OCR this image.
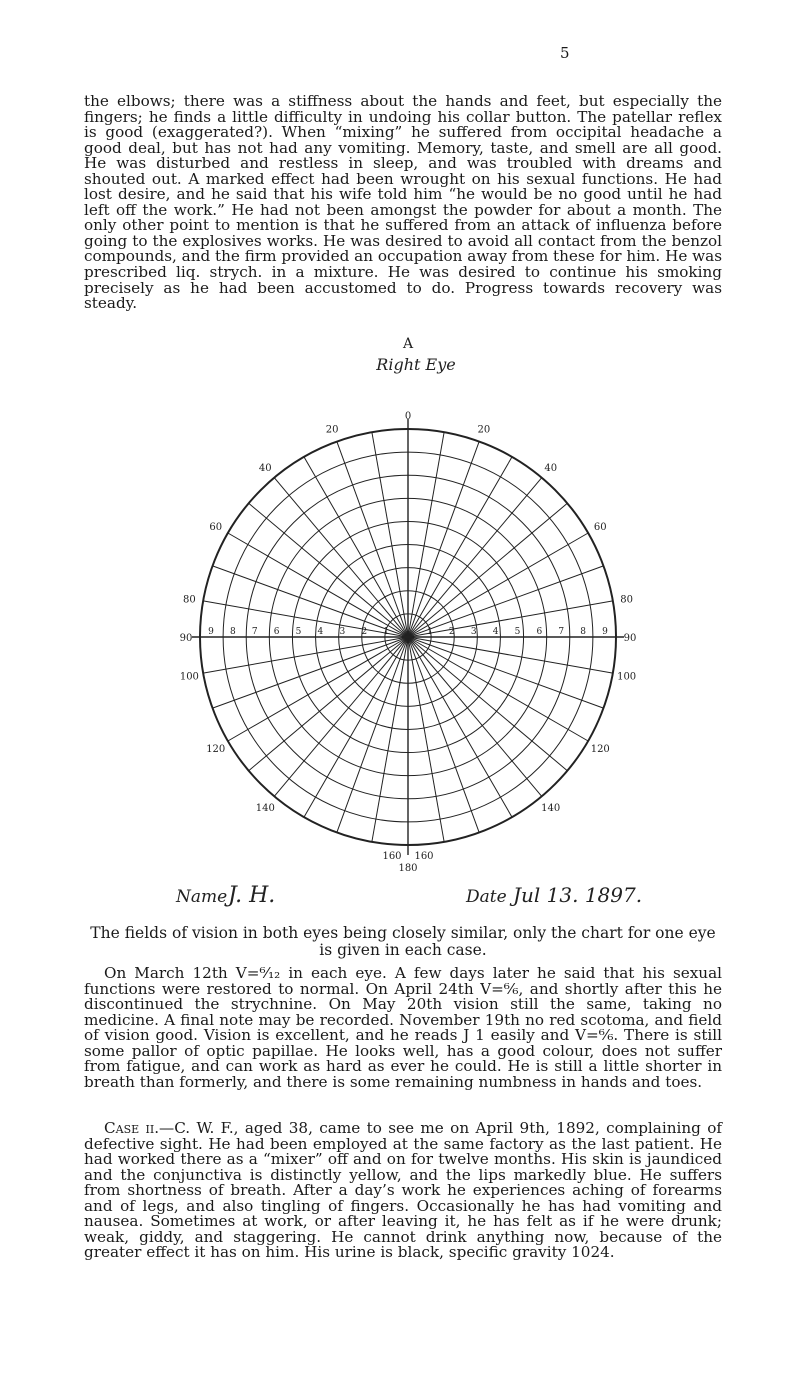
5

the elbows; there was a stiffness about the hands and feet, but especially the fingers; he finds a little difficulty in undoing his collar button. The patellar reflex is good (exaggerated?). When “mixing” he suffered from occipital headache a good deal, but has not had any vomiting. Memory, taste, and smell are all good. He was disturbed and restless in sleep, and was troubled with dreams and shouted out. A marked effect had been wrought on his sexual functions. He had lost desire, and he said that his wife told him “he would be no good until he had left off the work.” He had not been amongst the powder for about a month. The only other point to mention is that he suffered from an attack of influenza before going to the explosives works. He was desired to avoid all contact from the benzol compounds, and the firm provided an occupation away from these for him. He was prescribed liq. strych. in a mixture. He was desired to continue his smoking precisely as he had been accustomed to do. Progress towards recovery was steady.

0
20
20
40
40
60
60
80
80
90
90
100
100
120
120
140
140
160
160
180
9 8 7 6 5 4 3 2 1	1 2 3 4 5 6 7 8 9
A
Right Eye
Name J. H.	Date Jul 13. 1897.

The fields of vision in both eyes being closely similar, only the chart for one eye is given in each case.

On March 12th V=⁶⁄₁₂ in each eye. A few days later he said that his sexual functions were restored to normal. On April 24th V=⁶⁄₆, and shortly after this he discontinued the strychnine. On May 20th vision still the same, taking no medicine. A final note may be recorded. November 19th no red scotoma, and field of vision good. Vision is excellent, and he reads J 1 easily and V=⁶⁄₆. There is still some pallor of optic papillae. He looks well, has a good colour, does not suffer from fatigue, and can work as hard as ever he could. He is still a little shorter in breath than formerly, and there is some remaining numbness in hands and toes.

Case ii.—C. W. F., aged 38, came to see me on April 9th, 1892, complaining of defective sight. He had been employed at the same factory as the last patient. He had worked there as a “mixer” off and on for twelve months. His skin is jaundiced and the conjunctiva is distinctly yellow, and the lips markedly blue. He suffers from shortness of breath. After a day’s work he experiences aching of forearms and of legs, and also tingling of fingers. Occasionally he has had vomiting and nausea. Sometimes at work, or after leaving it, he has felt as if he were drunk; weak, giddy, and staggering. He cannot drink anything now, because of the greater effect it has on him. His urine is black, specific gravity 1024.
